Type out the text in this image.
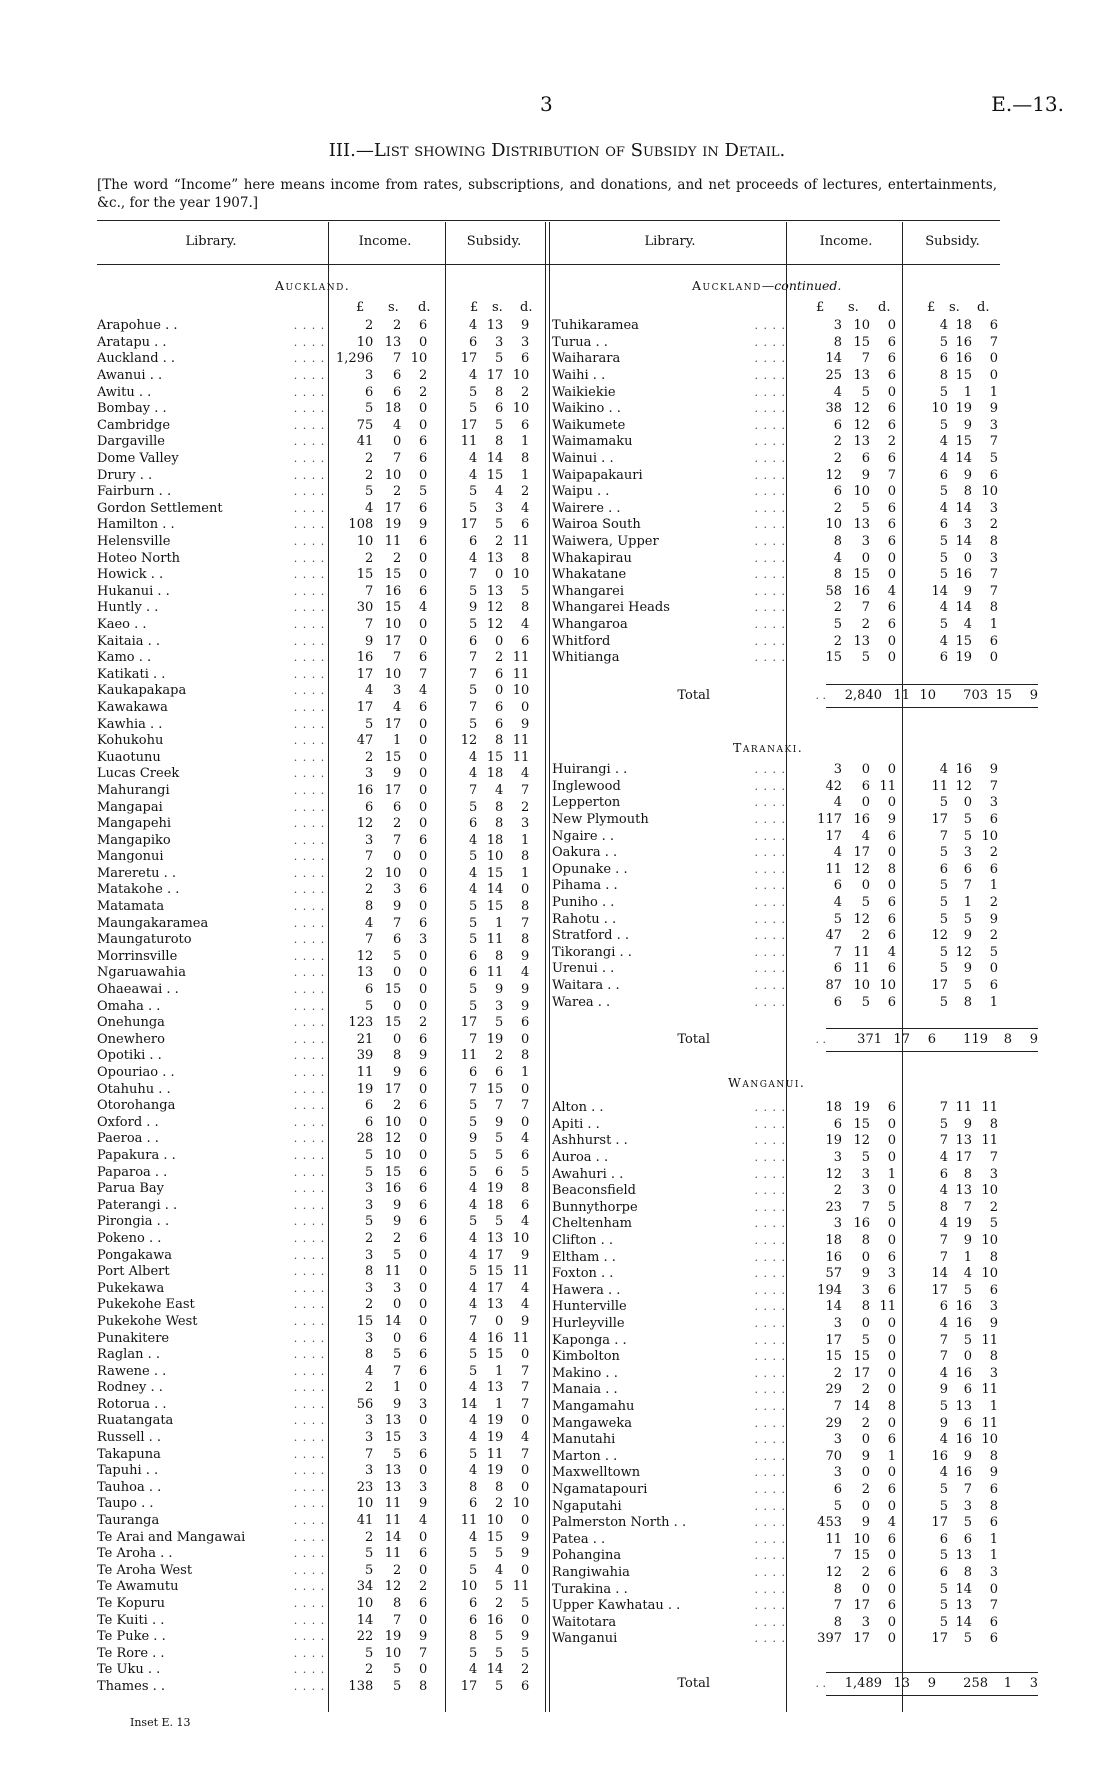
3	E.—13.
III.—List showing Distribution of Subsidy in Detail.
[The word “Income” here means income from rates, subscriptions, and donations, and net proceeds of lectures, entertainments, &c., for the year 1907.]
Library.	Income.	Subsidy.	Library.	Income.	Subsidy.
Auckland.	Auckland—continued.
Taranaki.
Wanganui.
£ s. d.	£ s. d.	£ s. d.	£ s. d.
Arapohue . .	. . . .	2	2	6	4	13	9
Aratapu . .	. . . .	10	13	0	6	3	3
Auckland . .	. . . .	1,296	7	10	17	5	6
Awanui . .	. . . .	3	6	2	4	17	10
Awitu . .	. . . .	6	6	2	5	8	2
Bombay . .	. . . .	5	18	0	5	6	10
Cambridge	. . . .	75	4	0	17	5	6
Dargaville	. . . .	41	0	6	11	8	1
Dome Valley	. . . .	2	7	6	4	14	8
Drury . .	. . . .	2	10	0	4	15	1
Fairburn . .	. . . .	5	2	5	5	4	2
Gordon Settlement	. . . .	4	17	6	5	3	4
Hamilton . .	. . . .	108	19	9	17	5	6
Helensville	. . . .	10	11	6	6	2	11
Hoteo North	. . . .	2	2	0	4	13	8
Howick . .	. . . .	15	15	0	7	0	10
Hukanui . .	. . . .	7	16	6	5	13	5
Huntly . .	. . . .	30	15	4	9	12	8
Kaeo . .	. . . .	7	10	0	5	12	4
Kaitaia . .	. . . .	9	17	0	6	0	6
Kamo . .	. . . .	16	7	6	7	2	11
Katikati . .	. . . .	17	10	7	7	6	11
Kaukapakapa	. . . .	4	3	4	5	0	10
Kawakawa	. . . .	17	4	6	7	6	0
Kawhia . .	. . . .	5	17	0	5	6	9
Kohukohu	. . . .	47	1	0	12	8	11
Kuaotunu	. . . .	2	15	0	4	15	11
Lucas Creek	. . . .	3	9	0	4	18	4
Mahurangi	. . . .	16	17	0	7	4	7
Mangapai	. . . .	6	6	0	5	8	2
Mangapehi	. . . .	12	2	0	6	8	3
Mangapiko	. . . .	3	7	6	4	18	1
Mangonui	. . . .	7	0	0	5	10	8
Mareretu . .	. . . .	2	10	0	4	15	1
Matakohe . .	. . . .	2	3	6	4	14	0
Matamata	. . . .	8	9	0	5	15	8
Maungakaramea	. . . .	4	7	6	5	1	7
Maungaturoto	. . . .	7	6	3	5	11	8
Morrinsville	. . . .	12	5	0	6	8	9
Ngaruawahia	. . . .	13	0	0	6	11	4
Ohaeawai . .	. . . .	6	15	0	5	9	9
Omaha . .	. . . .	5	0	0	5	3	9
Onehunga	. . . .	123	15	2	17	5	6
Onewhero	. . . .	21	0	6	7	19	0
Opotiki . .	. . . .	39	8	9	11	2	8
Opouriao . .	. . . .	11	9	6	6	6	1
Otahuhu . .	. . . .	19	17	0	7	15	0
Otorohanga	. . . .	6	2	6	5	7	7
Oxford . .	. . . .	6	10	0	5	9	0
Paeroa . .	. . . .	28	12	0	9	5	4
Papakura . .	. . . .	5	10	0	5	5	6
Paparoa . .	. . . .	5	15	6	5	6	5
Parua Bay	. . . .	3	16	6	4	19	8
Paterangi . .	. . . .	3	9	6	4	18	6
Pirongia . .	. . . .	5	9	6	5	5	4
Pokeno . .	. . . .	2	2	6	4	13	10
Pongakawa	. . . .	3	5	0	4	17	9
Port Albert	. . . .	8	11	0	5	15	11
Pukekawa	. . . .	3	3	0	4	17	4
Pukekohe East	. . . .	2	0	0	4	13	4
Pukekohe West	. . . .	15	14	0	7	0	9
Punakitere	. . . .	3	0	6	4	16	11
Raglan . .	. . . .	8	5	6	5	15	0
Rawene . .	. . . .	4	7	6	5	1	7
Rodney . .	. . . .	2	1	0	4	13	7
Rotorua . .	. . . .	56	9	3	14	1	7
Ruatangata	. . . .	3	13	0	4	19	0
Russell . .	. . . .	3	15	3	4	19	4
Takapuna	. . . .	7	5	6	5	11	7
Tapuhi . .	. . . .	3	13	0	4	19	0
Tauhoa . .	. . . .	23	13	3	8	8	0
Taupo . .	. . . .	10	11	9	6	2	10
Tauranga	. . . .	41	11	4	11	10	0
Te Arai and Mangawai	. . . .	2	14	0	4	15	9
Te Aroha . .	. . . .	5	11	6	5	5	9
Te Aroha West	. . . .	5	2	0	5	4	0
Te Awamutu	. . . .	34	12	2	10	5	11
Te Kopuru	. . . .	10	8	6	6	2	5
Te Kuiti . .	. . . .	14	7	0	6	16	0
Te Puke . .	. . . .	22	19	9	8	5	9
Te Rore . .	. . . .	5	10	7	5	5	5
Te Uku . .	. . . .	2	5	0	4	14	2
Thames . .	. . . .	138	5	8	17	5	6
Tuhikaramea	. . . .	3	10	0	4	18	6
Turua . .	. . . .	8	15	6	5	16	7
Waiharara	. . . .	14	7	6	6	16	0
Waihi . .	. . . .	25	13	6	8	15	0
Waikiekie	. . . .	4	5	0	5	1	1
Waikino . .	. . . .	38	12	6	10	19	9
Waikumete	. . . .	6	12	6	5	9	3
Waimamaku	. . . .	2	13	2	4	15	7
Wainui . .	. . . .	2	6	6	4	14	5
Waipapakauri	. . . .	12	9	7	6	9	6
Waipu . .	. . . .	6	10	0	5	8	10
Wairere . .	. . . .	2	5	6	4	14	3
Wairoa South	. . . .	10	13	6	6	3	2
Waiwera, Upper	. . . .	8	3	6	5	14	8
Whakapirau	. . . .	4	0	0	5	0	3
Whakatane	. . . .	8	15	0	5	16	7
Whangarei	. . . .	58	16	4	14	9	7
Whangarei Heads	. . . .	2	7	6	4	14	8
Whangaroa	. . . .	5	2	6	5	4	1
Whitford	. . . .	2	13	0	4	15	6
Whitianga	. . . .	15	5	0	6	19	0
Huirangi . .	. . . .	3	0	0	4	16	9
Inglewood	. . . .	42	6	11	11	12	7
Lepperton	. . . .	4	0	0	5	0	3
New Plymouth	. . . .	117	16	9	17	5	6
Ngaire . .	. . . .	17	4	6	7	5	10
Oakura . .	. . . .	4	17	0	5	3	2
Opunake . .	. . . .	11	12	8	6	6	6
Pihama . .	. . . .	6	0	0	5	7	1
Puniho . .	. . . .	4	5	6	5	1	2
Rahotu . .	. . . .	5	12	6	5	5	9
Stratford . .	. . . .	47	2	6	12	9	2
Tikorangi . .	. . . .	7	11	4	5	12	5
Urenui . .	. . . .	6	11	6	5	9	0
Waitara . .	. . . .	87	10	10	17	5	6
Warea . .	. . . .	6	5	6	5	8	1
Alton . .	. . . .	18	19	6	7	11	11
Apiti . .	. . . .	6	15	0	5	9	8
Ashhurst . .	. . . .	19	12	0	7	13	11
Auroa . .	. . . .	3	5	0	4	17	7
Awahuri . .	. . . .	12	3	1	6	8	3
Beaconsfield	. . . .	2	3	0	4	13	10
Bunnythorpe	. . . .	23	7	5	8	7	2
Cheltenham	. . . .	3	16	0	4	19	5
Clifton . .	. . . .	18	8	0	7	9	10
Eltham . .	. . . .	16	0	6	7	1	8
Foxton . .	. . . .	57	9	3	14	4	10
Hawera . .	. . . .	194	3	6	17	5	6
Hunterville	. . . .	14	8	11	6	16	3
Hurleyville	. . . .	3	0	0	4	16	9
Kaponga . .	. . . .	17	5	0	7	5	11
Kimbolton	. . . .	15	15	0	7	0	8
Makino . .	. . . .	2	17	0	4	16	3
Manaia . .	. . . .	29	2	0	9	6	11
Mangamahu	. . . .	7	14	8	5	13	1
Mangaweka	. . . .	29	2	0	9	6	11
Manutahi	. . . .	3	0	6	4	16	10
Marton . .	. . . .	70	9	1	16	9	8
Maxwelltown	. . . .	3	0	0	4	16	9
Ngamatapouri	. . . .	6	2	6	5	7	6
Ngaputahi	. . . .	5	0	0	5	3	8
Palmerston North . .	. . . .	453	9	4	17	5	6
Patea . .	. . . .	11	10	6	6	6	1
Pohangina	. . . .	7	15	0	5	13	1
Rangiwahia	. . . .	12	2	6	6	8	3
Turakina . .	. . . .	8	0	0	5	14	0
Upper Kawhatau . .	. . . .	7	17	6	5	13	7
Waitotara	. . . .	8	3	0	5	14	6
Wanganui	. . . .	397	17	0	17	5	6
Total	. .	2,840	11	10	703	15	9
Total	. .	371	17	6	119	8	9
Total	. .	1,489	13	9	258	1	3
Inset E. 13
